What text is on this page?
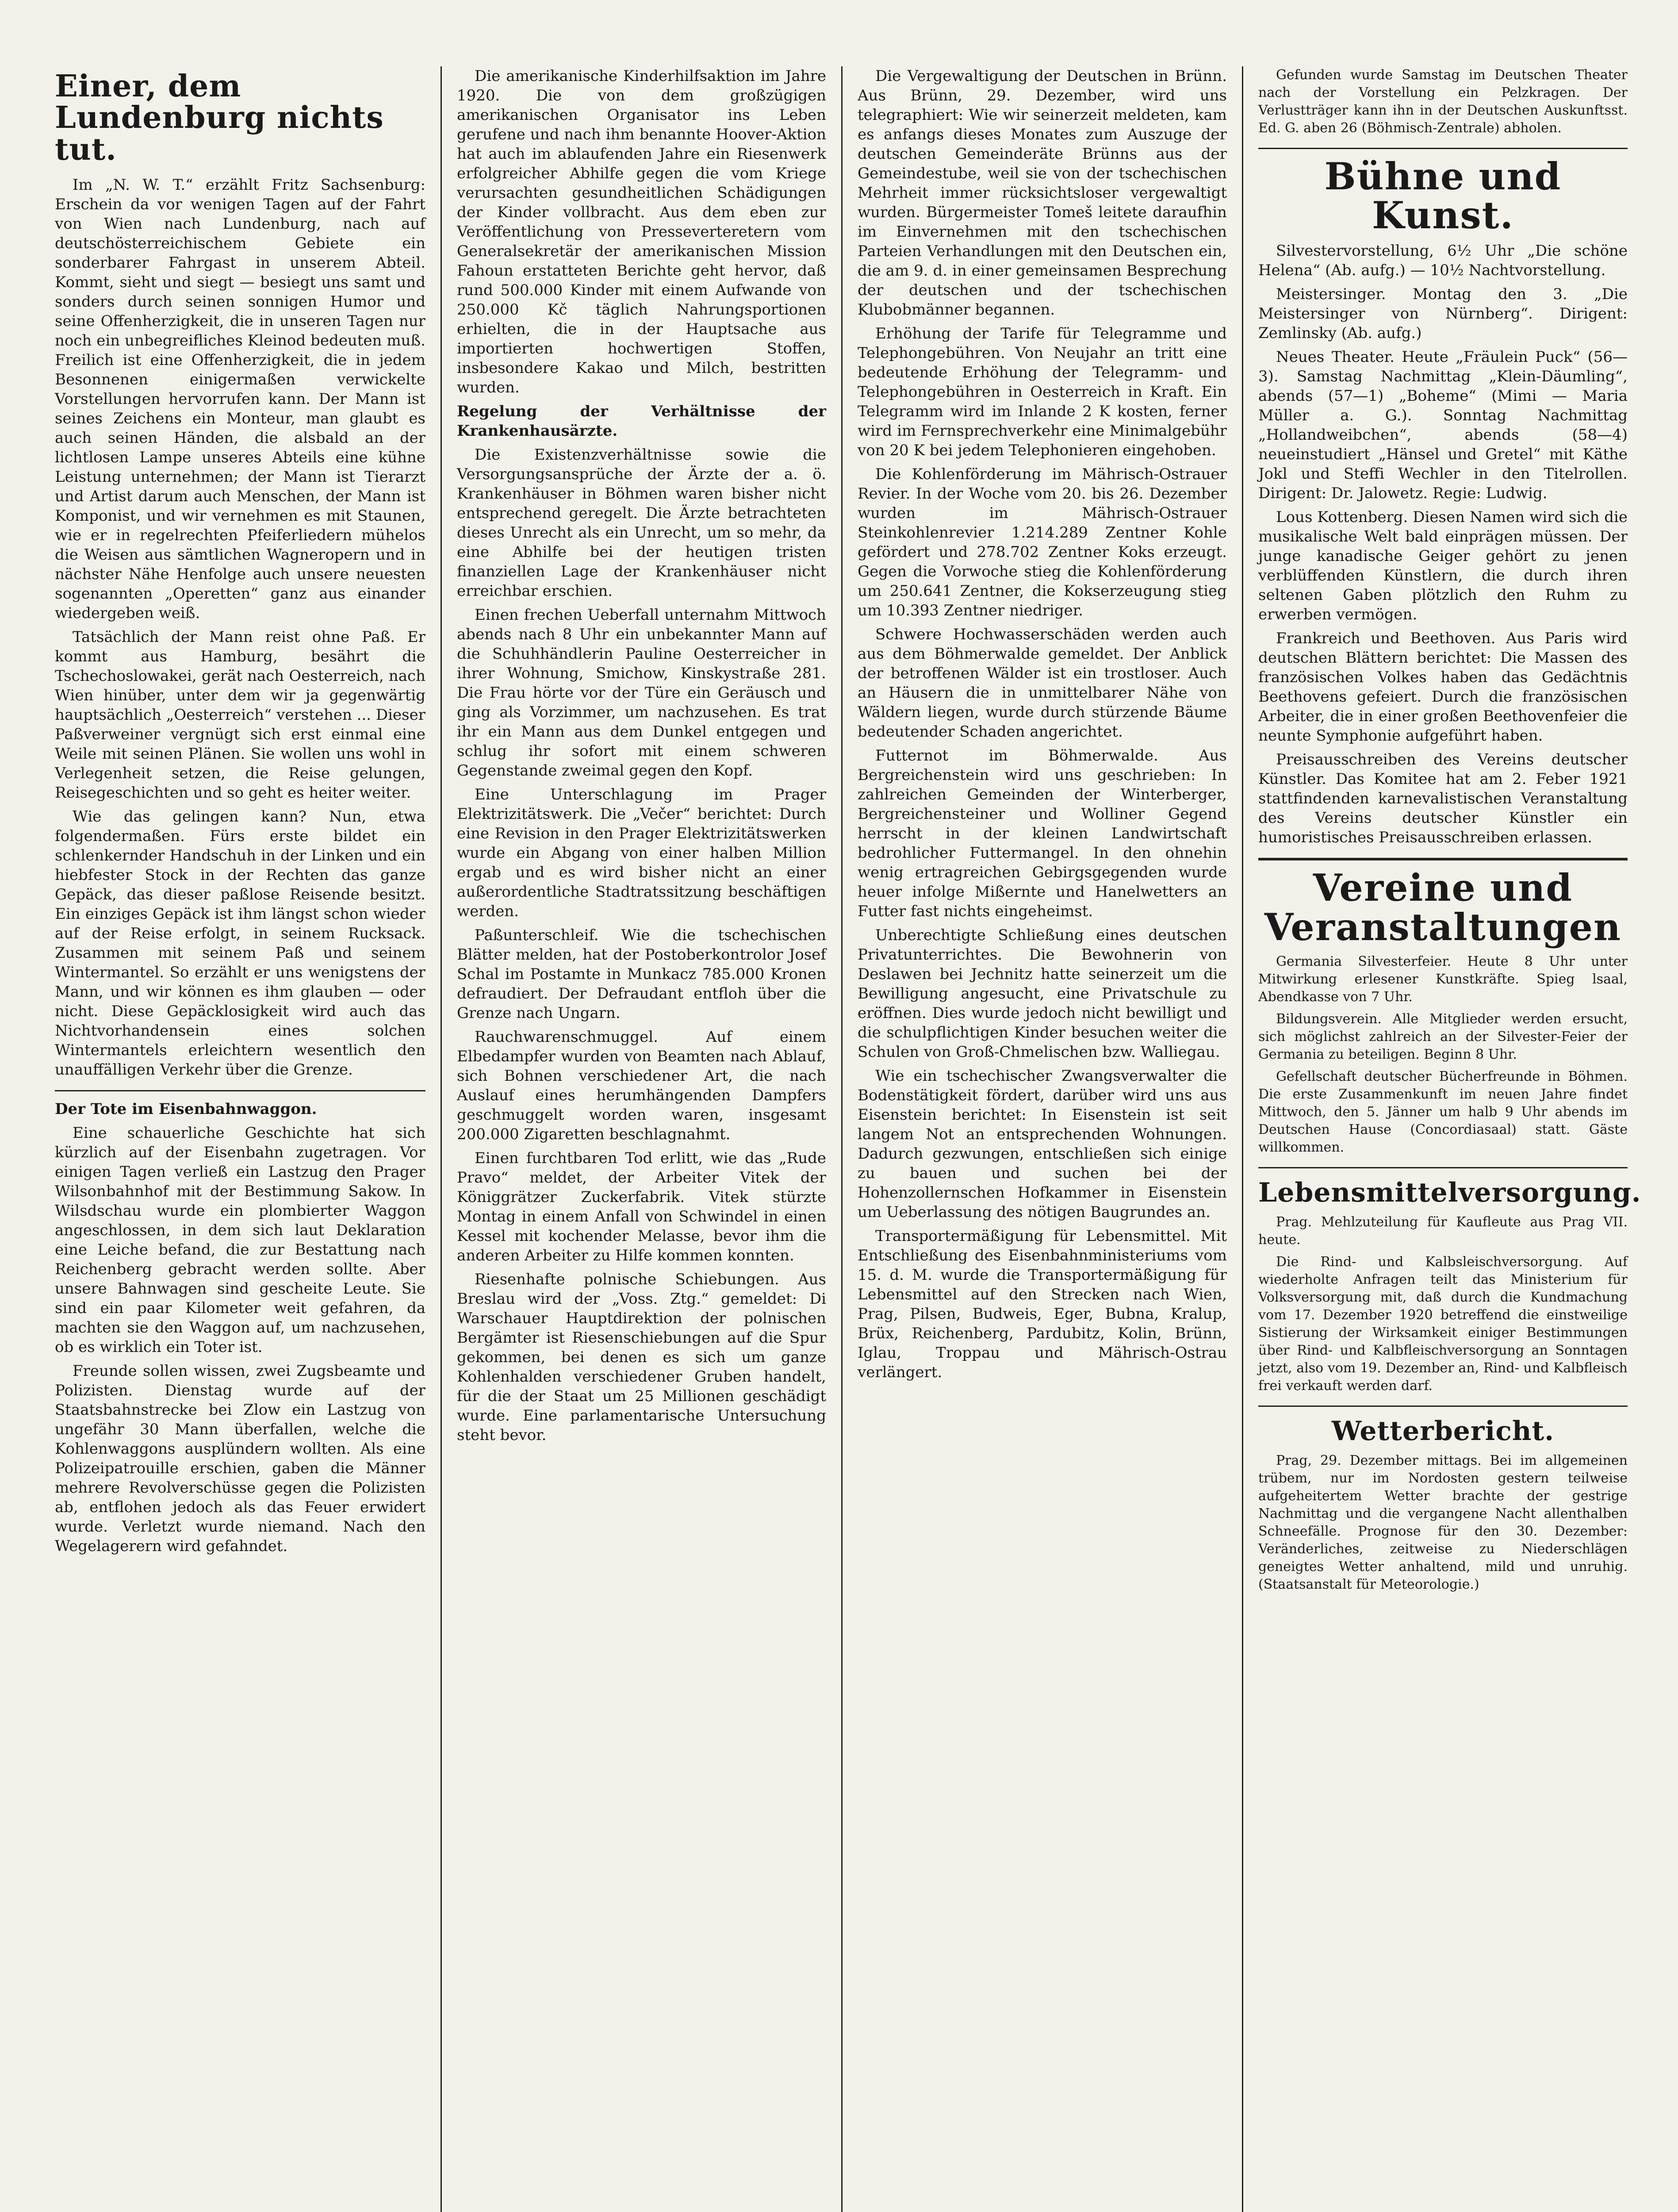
Einer, dem Lundenburg nichts tut.

Im „N. W. T.“ erzählt Fritz Sachsenburg: Erschein da vor wenigen Tagen auf der Fahrt von Wien nach Lundenburg, nach auf deutschösterreichischem Gebiete ein sonderbarer Fahrgast in unserem Abteil. Kommt, sieht und siegt — besiegt uns samt und sonders durch seinen sonnigen Humor und seine Offenherzigkeit, die in unseren Tagen nur noch ein unbegreifliches Kleinod bedeuten muß. Freilich ist eine Offenherzigkeit, die in jedem Besonnenen einigermaßen verwickelte Vorstellungen hervorrufen kann. Der Mann ist seines Zeichens ein Monteur, man glaubt es auch seinen Händen, die alsbald an der lichtlosen Lampe unseres Abteils eine kühne Leistung unternehmen; der Mann ist Tierarzt und Artist darum auch Menschen, der Mann ist Komponist, und wir vernehmen es mit Staunen, wie er in regelrechten Pfeiferliedern mühelos die Weisen aus sämtlichen Wagneropern und in nächster Nähe Henfolge auch unsere neuesten sogenannten „Operetten“ ganz aus einander wiedergeben weiß.

Tatsächlich der Mann reist ohne Paß. Er kommt aus Hamburg, besährt die Tschechoslowakei, gerät nach Oesterreich, nach Wien hinüber, unter dem wir ja gegenwärtig hauptsächlich „Oesterreich“ verstehen ... Dieser Paßverweiner vergnügt sich erst einmal eine Weile mit seinen Plänen. Sie wollen uns wohl in Verlegenheit setzen, die Reise gelungen, Reisegeschichten und so geht es heiter weiter.

Wie das gelingen kann? Nun, etwa folgendermaßen. Fürs erste bildet ein schlenkernder Handschuh in der Linken und ein hiebfester Stock in der Rechten das ganze Gepäck, das dieser paßlose Reisende besitzt. Ein einziges Gepäck ist ihm längst schon wieder auf der Reise erfolgt, in seinem Rucksack. Zusammen mit seinem Paß und seinem Wintermantel. So erzählt er uns wenigstens der Mann, und wir können es ihm glauben — oder nicht. Diese Gepäcklosigkeit wird auch das Nichtvorhandensein eines solchen Wintermantels erleichtern wesentlich den unauffälligen Verkehr über die Grenze.

Der Tote im Eisenbahnwaggon.

Eine schauerliche Geschichte hat sich kürzlich auf der Eisenbahn zugetragen. Vor einigen Tagen verließ ein Lastzug den Prager Wilsonbahnhof mit der Bestimmung Sakow. In Wilsdschau wurde ein plombierter Waggon angeschlossen, in dem sich laut Deklaration eine Leiche befand, die zur Bestattung nach Reichenberg gebracht werden sollte. Aber unsere Bahnwagen sind gescheite Leute. Sie sind ein paar Kilometer weit gefahren, da machten sie den Waggon auf, um nachzusehen, ob es wirklich ein Toter ist.

Freunde sollen wissen, zwei Zugsbeamte und Polizisten. Dienstag wurde auf der Staatsbahnstrecke bei Zlow ein Lastzug von ungefähr 30 Mann überfallen, welche die Kohlenwaggons ausplündern wollten. Als eine Polizeipatrouille erschien, gaben die Männer mehrere Revolverschüsse gegen die Polizisten ab, entflohen jedoch als das Feuer erwidert wurde. Verletzt wurde niemand. Nach den Wegelagerern wird gefahndet.

Die amerikanische Kinderhilfsaktion im Jahre 1920. Die von dem großzügigen amerikanischen Organisator ins Leben gerufene und nach ihm benannte Hoover-Aktion hat auch im ablaufenden Jahre ein Riesenwerk erfolgreicher Abhilfe gegen die vom Kriege verursachten gesundheitlichen Schädigungen der Kinder vollbracht. Aus dem eben zur Veröffentlichung von Presseverteretern vom Generalsekretär der amerikanischen Mission Fahoun erstatteten Berichte geht hervor, daß rund 500.000 Kinder mit einem Aufwande von 250.000 Kč täglich Nahrungsportionen erhielten, die in der Hauptsache aus importierten hochwertigen Stoffen, insbesondere Kakao und Milch, bestritten wurden.

Regelung der Verhältnisse der Krankenhausärzte.

Die Existenzverhältnisse sowie die Versorgungsansprüche der Ärzte der a. ö. Krankenhäuser in Böhmen waren bisher nicht entsprechend geregelt. Die Ärzte betrachteten dieses Unrecht als ein Unrecht, um so mehr, da eine Abhilfe bei der heutigen tristen finanziellen Lage der Krankenhäuser nicht erreichbar erschien.

Einen frechen Ueberfall unternahm Mittwoch abends nach 8 Uhr ein unbekannter Mann auf die Schuhhändlerin Pauline Oesterreicher in ihrer Wohnung, Smichow, Kinskystraße 281. Die Frau hörte vor der Türe ein Geräusch und ging als Vorzimmer, um nachzusehen. Es trat ihr ein Mann aus dem Dunkel entgegen und schlug ihr sofort mit einem schweren Gegenstande zweimal gegen den Kopf.

Eine Unterschlagung im Prager Elektrizitätswerk. Die „Večer“ berichtet: Durch eine Revision in den Prager Elektrizitätswerken wurde ein Abgang von einer halben Million ergab und es wird bisher nicht an einer außerordentliche Stadtratssitzung beschäftigen werden.

Paßunterschleif. Wie die tschechischen Blätter melden, hat der Postoberkontrolor Josef Schal im Postamte in Munkacz 785.000 Kronen defraudiert. Der Defraudant entfloh über die Grenze nach Ungarn.

Rauchwarenschmuggel. Auf einem Elbedampfer wurden von Beamten nach Ablauf, sich Bohnen verschiedener Art, die nach Auslauf eines herumhängenden Dampfers geschmuggelt worden waren, insgesamt 200.000 Zigaretten beschlagnahmt.

Einen furchtbaren Tod erlitt, wie das „Rude Pravo“ meldet, der Arbeiter Vitek der Königgrätzer Zuckerfabrik. Vitek stürzte Montag in einem Anfall von Schwindel in einen Kessel mit kochender Melasse, bevor ihm die anderen Arbeiter zu Hilfe kommen konnten.

Riesenhafte polnische Schiebungen. Aus Breslau wird der „Voss. Ztg.“ gemeldet: Di Warschauer Hauptdirektion der polnischen Bergämter ist Riesenschiebungen auf die Spur gekommen, bei denen es sich um ganze Kohlenhalden verschiedener Gruben handelt, für die der Staat um 25 Millionen geschädigt wurde. Eine parlamentarische Untersuchung steht bevor.

Die Vergewaltigung der Deutschen in Brünn. Aus Brünn, 29. Dezember, wird uns telegraphiert: Wie wir seinerzeit meldeten, kam es anfangs dieses Monates zum Auszuge der deutschen Gemeinderäte Brünns aus der Gemeindestube, weil sie von der tschechischen Mehrheit immer rücksichtsloser vergewaltigt wurden. Bürgermeister Tomeš leitete daraufhin im Einvernehmen mit den tschechischen Parteien Verhandlungen mit den Deutschen ein, die am 9. d. in einer gemeinsamen Besprechung der deutschen und der tschechischen Klubobmänner begannen.

Erhöhung der Tarife für Telegramme und Telephongebühren. Von Neujahr an tritt eine bedeutende Erhöhung der Telegramm- und Telephongebühren in Oesterreich in Kraft. Ein Telegramm wird im Inlande 2 K kosten, ferner wird im Fernsprechverkehr eine Minimalgebühr von 20 K bei jedem Telephonieren eingehoben.

Die Kohlenförderung im Mährisch-Ostrauer Revier. In der Woche vom 20. bis 26. Dezember wurden im Mährisch-Ostrauer Steinkohlenrevier 1.214.289 Zentner Kohle gefördert und 278.702 Zentner Koks erzeugt. Gegen die Vorwoche stieg die Kohlenförderung um 250.641 Zentner, die Kokserzeugung stieg um 10.393 Zentner niedriger.

Schwere Hochwasserschäden werden auch aus dem Böhmerwalde gemeldet. Der Anblick der betroffenen Wälder ist ein trostloser. Auch an Häusern die in unmittelbarer Nähe von Wäldern liegen, wurde durch stürzende Bäume bedeutender Schaden angerichtet.

Futternot im Böhmerwalde. Aus Bergreichenstein wird uns geschrieben: In zahlreichen Gemeinden der Winterberger, Bergreichensteiner und Wolliner Gegend herrscht in der kleinen Landwirtschaft bedrohlicher Futtermangel. In den ohnehin wenig ertragreichen Gebirgsgegenden wurde heuer infolge Mißernte und Hanelwetters an Futter fast nichts eingeheimst.

Unberechtigte Schließung eines deutschen Privatunterrichtes. Die Bewohnerin von Deslawen bei Jechnitz hatte seinerzeit um die Bewilligung angesucht, eine Privatschule zu eröffnen. Dies wurde jedoch nicht bewilligt und die schulpflichtigen Kinder besuchen weiter die Schulen von Groß-Chmelischen bzw. Walliegau.

Wie ein tschechischer Zwangsverwalter die Bodenstätigkeit fördert, darüber wird uns aus Eisenstein berichtet: In Eisenstein ist seit langem Not an entsprechenden Wohnungen. Dadurch gezwungen, entschließen sich einige zu bauen und suchen bei der Hohenzollernschen Hofkammer in Eisenstein um Ueberlassung des nötigen Baugrundes an.

Transportermäßigung für Lebensmittel. Mit Entschließung des Eisenbahnministeriums vom 15. d. M. wurde die Transportermäßigung für Lebensmittel auf den Strecken nach Wien, Prag, Pilsen, Budweis, Eger, Bubna, Kralup, Brüx, Reichenberg, Pardubitz, Kolin, Brünn, Iglau, Troppau und Mährisch-Ostrau verlängert.

Gefunden wurde Samstag im Deutschen Theater nach der Vorstellung ein Pelzkragen. Der Verlustträger kann ihn in der Deutschen Auskunftsst. Ed. G. aben 26 (Böhmisch-Zentrale) abholen.

Bühne und Kunst.

Silvestervorstellung, 6½ Uhr „Die schöne Helena“ (Ab. aufg.) — 10½ Nachtvorstellung.

Meistersinger. Montag den 3. „Die Meistersinger von Nürnberg“. Dirigent: Zemlinsky (Ab. aufg.)

Neues Theater. Heute „Fräulein Puck“ (56—3). Samstag Nachmittag „Klein-Däumling“, abends (57—1) „Boheme“ (Mimi — Maria Müller a. G.). Sonntag Nachmittag „Hollandweibchen“, abends (58—4) neueinstudiert „Hänsel und Gretel“ mit Käthe Jokl und Steffi Wechler in den Titelrollen. Dirigent: Dr. Jalowetz. Regie: Ludwig.

Lous Kottenberg. Diesen Namen wird sich die musikalische Welt bald einprägen müssen. Der junge kanadische Geiger gehört zu jenen verblüffenden Künstlern, die durch ihren seltenen Gaben plötzlich den Ruhm zu erwerben vermögen.

Frankreich und Beethoven. Aus Paris wird deutschen Blättern berichtet: Die Massen des französischen Volkes haben das Gedächtnis Beethovens gefeiert. Durch die französischen Arbeiter, die in einer großen Beethovenfeier die neunte Symphonie aufgeführt haben.

Preisausschreiben des Vereins deutscher Künstler. Das Komitee hat am 2. Feber 1921 stattfindenden karnevalistischen Veranstaltung des Vereins deutscher Künstler ein humoristisches Preisausschreiben erlassen.

Vereine und Veranstaltungen

Germania Silvesterfeier. Heute 8 Uhr unter Mitwirkung erlesener Kunstkräfte. Spieg lsaal, Abendkasse von 7 Uhr.

Bildungsverein. Alle Mitglieder werden ersucht, sich möglichst zahlreich an der Silvester-Feier der Germania zu beteiligen. Beginn 8 Uhr.

Gefellschaft deutscher Bücherfreunde in Böhmen. Die erste Zusammenkunft im neuen Jahre findet Mittwoch, den 5. Jänner um halb 9 Uhr abends im Deutschen Hause (Concordiasaal) statt. Gäste willkommen.

Lebensmittelversorgung.

Prag. Mehlzuteilung für Kaufleute aus Prag VII. heute.

Die Rind- und Kalbsleischversorgung. Auf wiederholte Anfragen teilt das Ministerium für Volksversorgung mit, daß durch die Kundmachung vom 17. Dezember 1920 betreffend die einstweilige Sistierung der Wirksamkeit einiger Bestimmungen über Rind- und Kalbfleischversorgung an Sonntagen jetzt, also vom 19. Dezember an, Rind- und Kalbfleisch frei verkauft werden darf.

Wetterbericht.

Prag, 29. Dezember mittags. Bei im allgemeinen trübem, nur im Nordosten gestern teilweise aufgeheitertem Wetter brachte der gestrige Nachmittag und die vergangene Nacht allenthalben Schneefälle. Prognose für den 30. Dezember: Veränderliches, zeitweise zu Niederschlägen geneigtes Wetter anhaltend, mild und unruhig. (Staatsanstalt für Meteorologie.)
